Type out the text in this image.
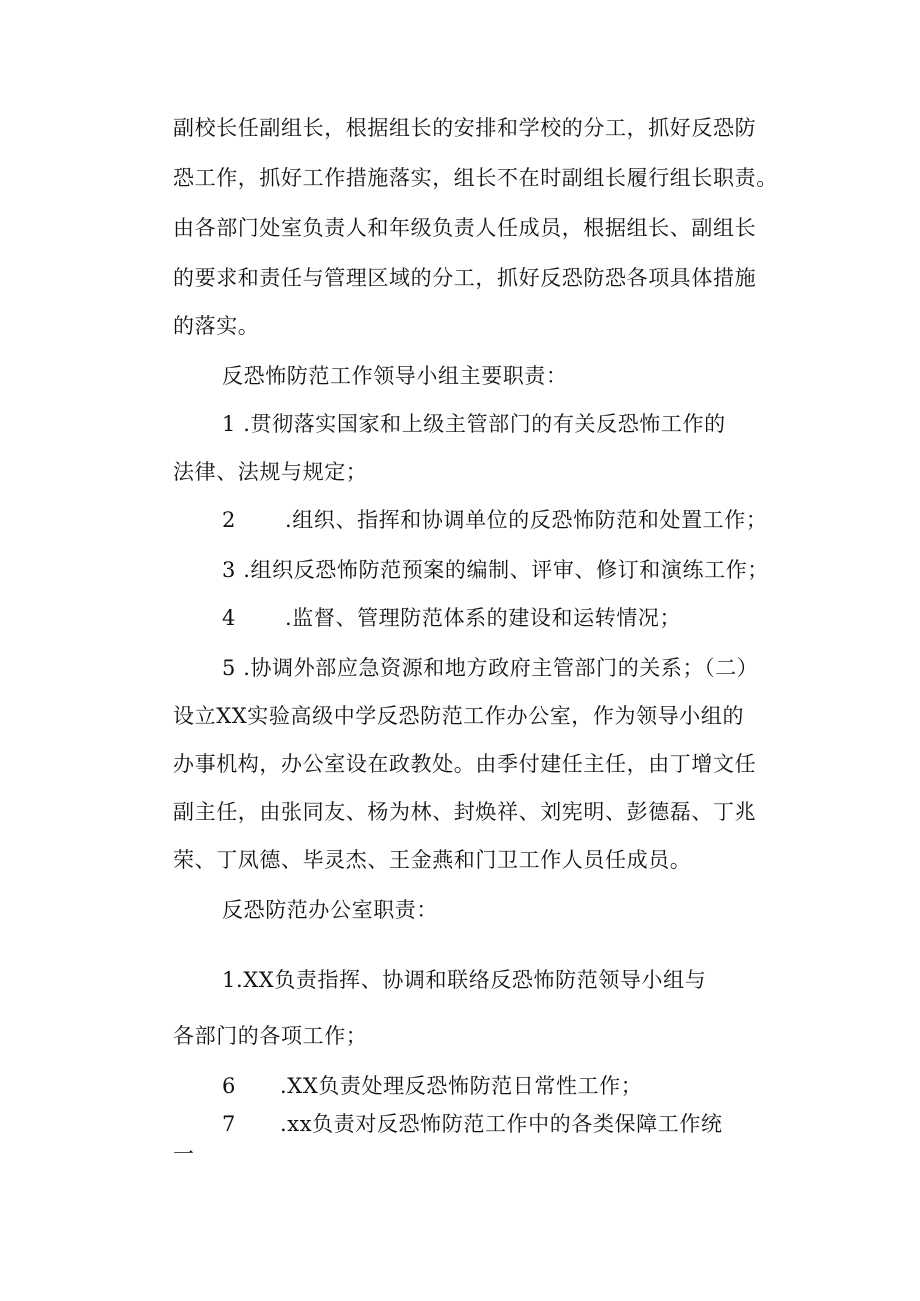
副校长任副组长，根据组长的安排和学校的分工，抓好反恐防
恐工作，抓好工作措施落实，组长不在时副组长履行组长职责。
由各部门处室负责人和年级负责人任成员，根据组长、副组长
的要求和责任与管理区域的分工，抓好反恐防恐各项具体措施
的落实。
反恐怖防范工作领导小组主要职责：
1 .贯彻落实国家和上级主管部门的有关反恐怖工作的
法律、法规与规定；
2 .组织、指挥和协调单位的反恐怖防范和处置工作；
3 .组织反恐怖防范预案的编制、评审、修订和演练工作；
4 .监督、管理防范体系的建设和运转情况；
5 .协调外部应急资源和地方政府主管部门的关系；（二）
设立XX实验高级中学反恐防范工作办公室，作为领导小组的
办事机构，办公室设在政教处。由季付建任主任，由丁增文任
副主任，由张同友、杨为林、封焕祥、刘宪明、彭德磊、丁兆
荣、丁凤德、毕灵杰、王金燕和门卫工作人员任成员。
反恐防范办公室职责：
1.XX负责指挥、协调和联络反恐怖防范领导小组与
各部门的各项工作；
6 .XX负责处理反恐怖防范日常性工作；
7 .xx负责对反恐怖防范工作中的各类保障工作统
一
